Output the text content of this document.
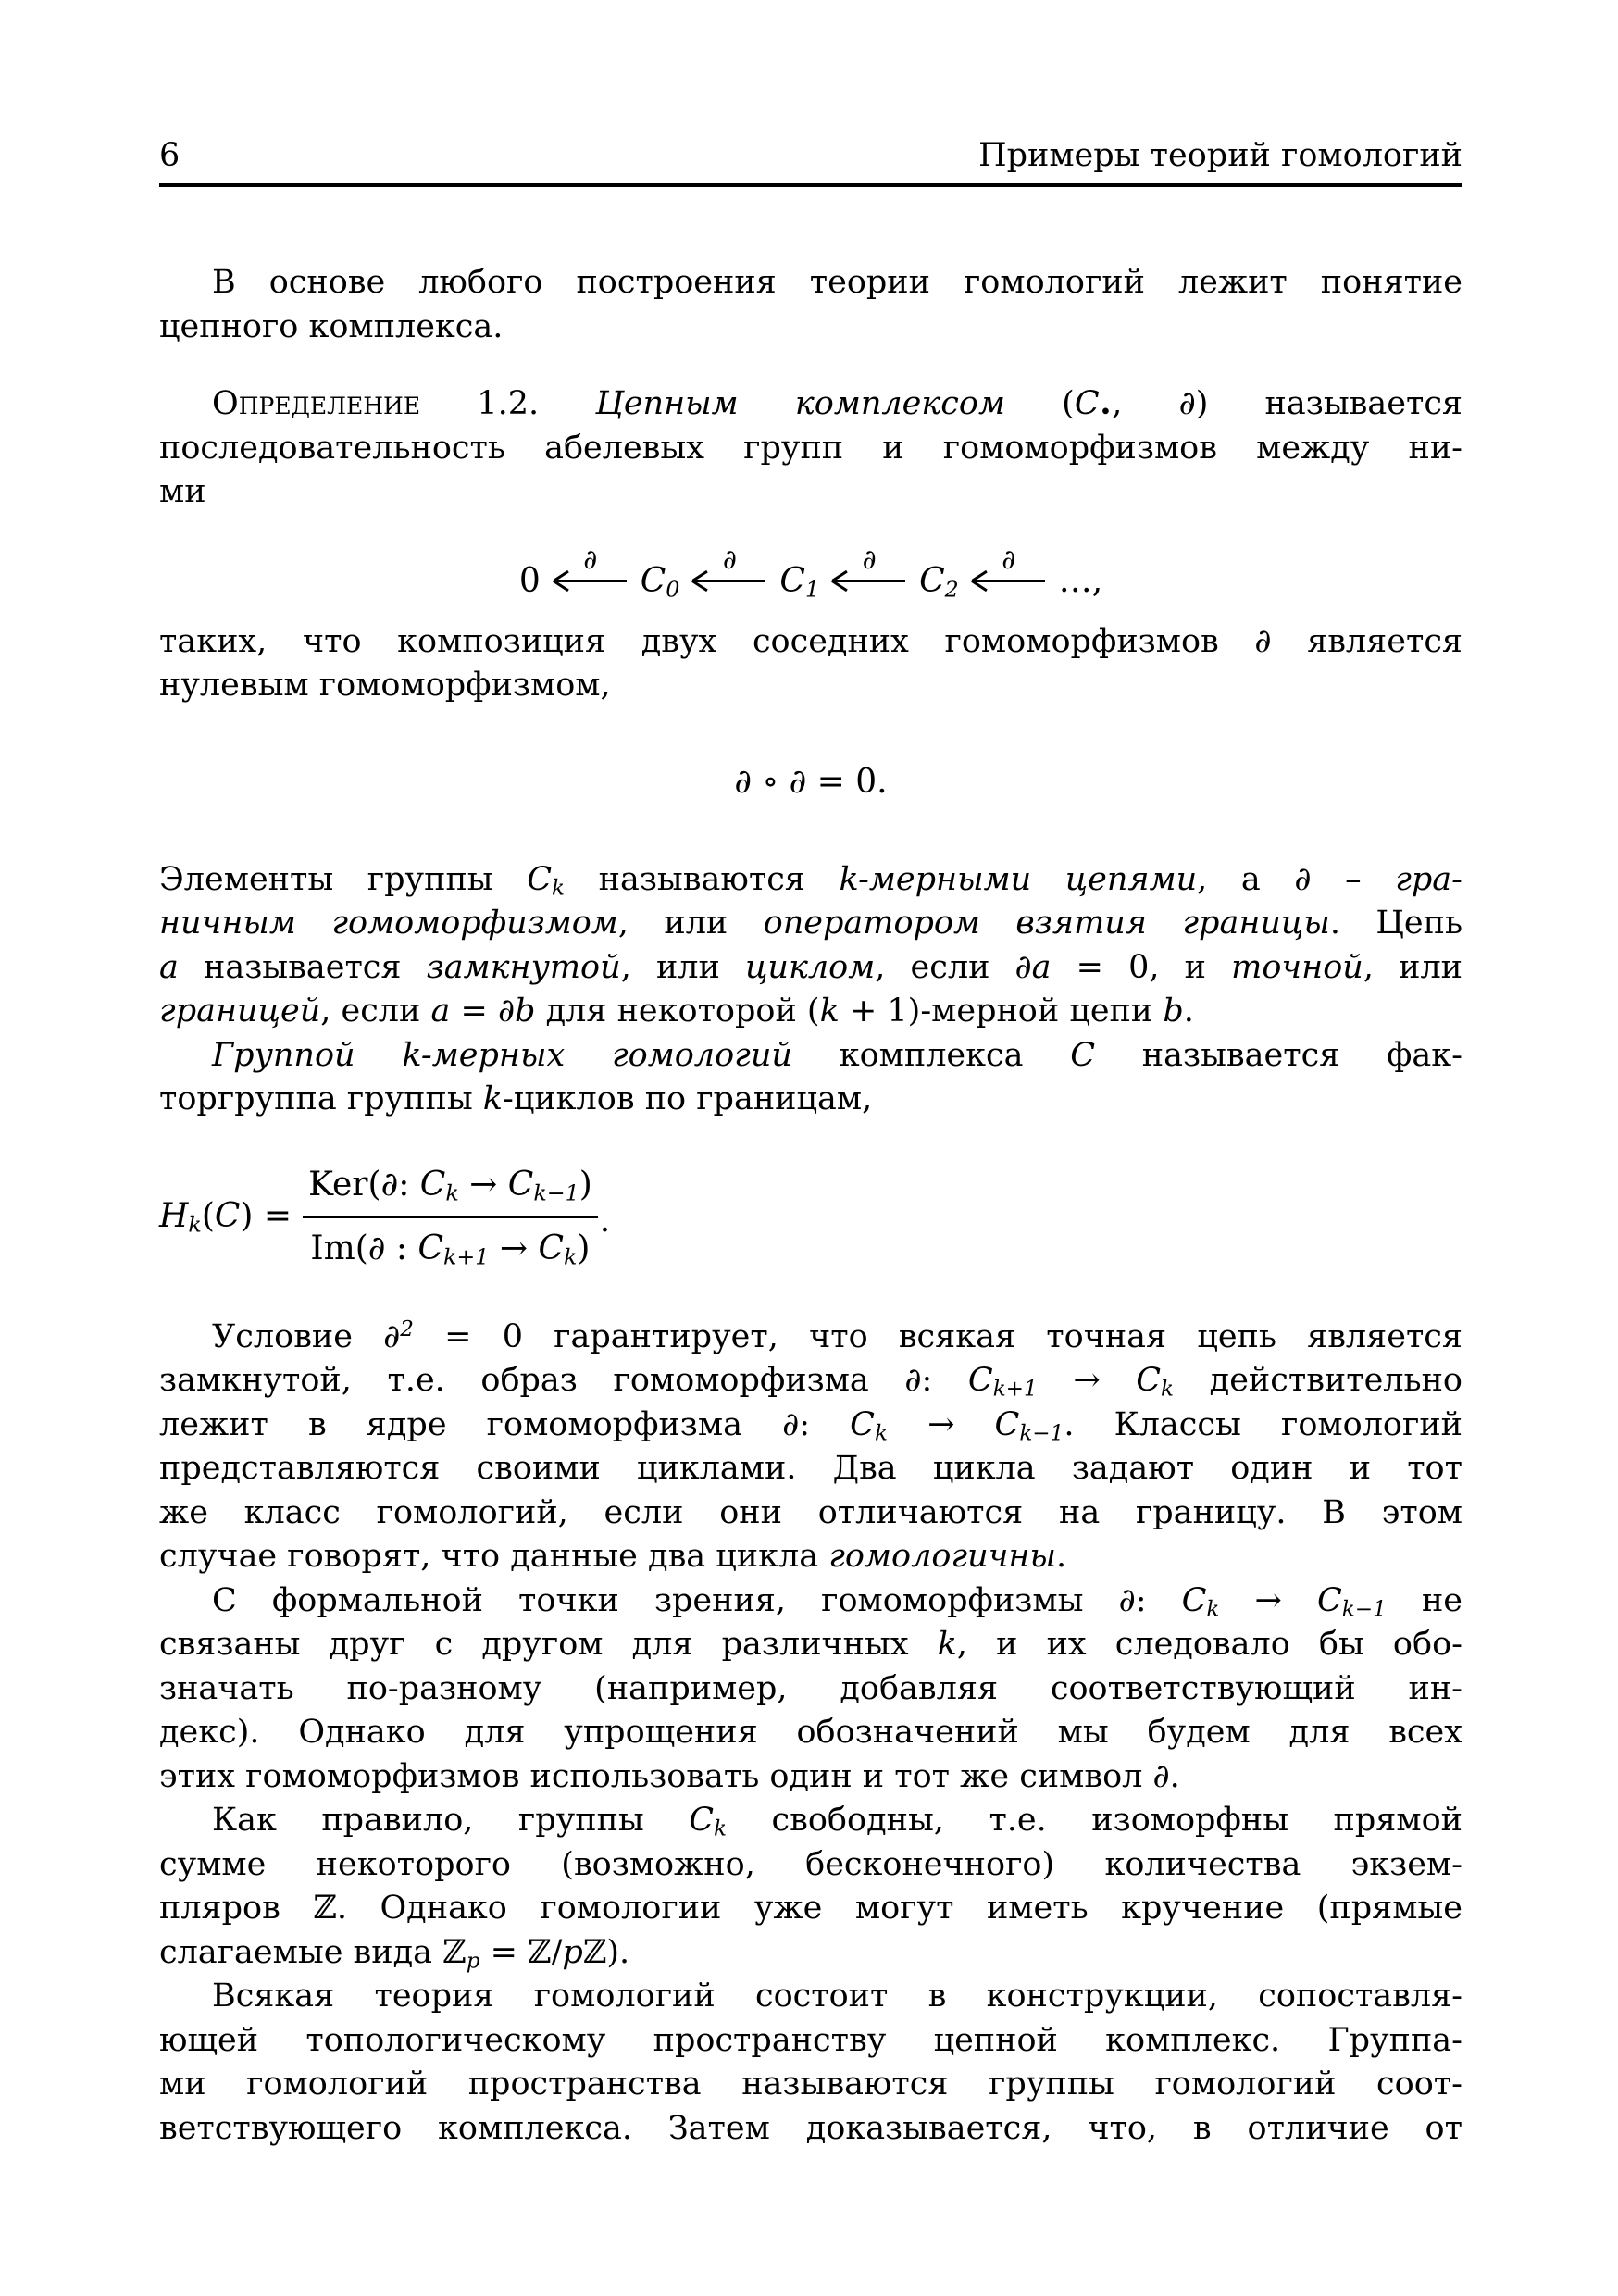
6	Примеры теорий гомологий
В основе любого построения теории гомологий лежит понятие
цепного комплекса.
Определение 1.2. Цепным комплексом ($C_•$, ∂) называется
последовательность абелевых групп и гомоморфизмов между ни-
ми
0
∂
$C_0$
∂
$C_1$
∂
$C_2$
∂
…,
таких, что композиция двух соседних гомоморфизмов ∂ является
нулевым гомоморфизмом,
∂ ∘ ∂ = 0.
Элементы группы $C_k$ называются k-мерными цепями, а ∂ – гра-
ничным гомоморфизмом, или оператором взятия границы. Цепь
a называется замкнутой, или циклом, если ∂a = 0, и точной, или
границей, если a = ∂b для некоторой (k + 1)-мерной цепи b.
Группой k-мерных гомологий комплекса C называется фак-
торгруппа группы k-циклов по границам,
$H_k(C) = \frac{Ker(\partial: C_k \to C_{k-1})}{Im(\partial : C_{k+1} \to C_k)}$ .
Условие ∂$^2$ = 0 гарантирует, что всякая точная цепь является
замкнутой, т.е. образ гомоморфизма ∂: $C_{k+1} \to C_k$ действительно
лежит в ядре гомоморфизма ∂: $C_k \to C_{k-1}$. Классы гомологий
представляются своими циклами. Два цикла задают один и тот
же класс гомологий, если они отличаются на границу. В этом
случае говорят, что данные два цикла гомологичны.
С формальной точки зрения, гомоморфизмы ∂: $C_k \to C_{k-1}$ не
связаны друг с другом для различных k, и их следовало бы обо-
значать по-разному (например, добавляя соответствующий ин-
декс). Однако для упрощения обозначений мы будем для всех
этих гомоморфизмов использовать один и тот же символ ∂.
Как правило, группы $C_k$ свободны, т.е. изоморфны прямой
сумме некоторого (возможно, бесконечного) количества экзем-
пляров ℤ. Однако гомологии уже могут иметь кручение (прямые
слагаемые вида ℤ$_p$ = ℤ/pℤ).
Всякая теория гомологий состоит в конструкции, сопоставля-
ющей топологическому пространству цепной комплекс. Группа-
ми гомологий пространства называются группы гомологий соот-
ветствующего комплекса. Затем доказывается, что, в отличие от
